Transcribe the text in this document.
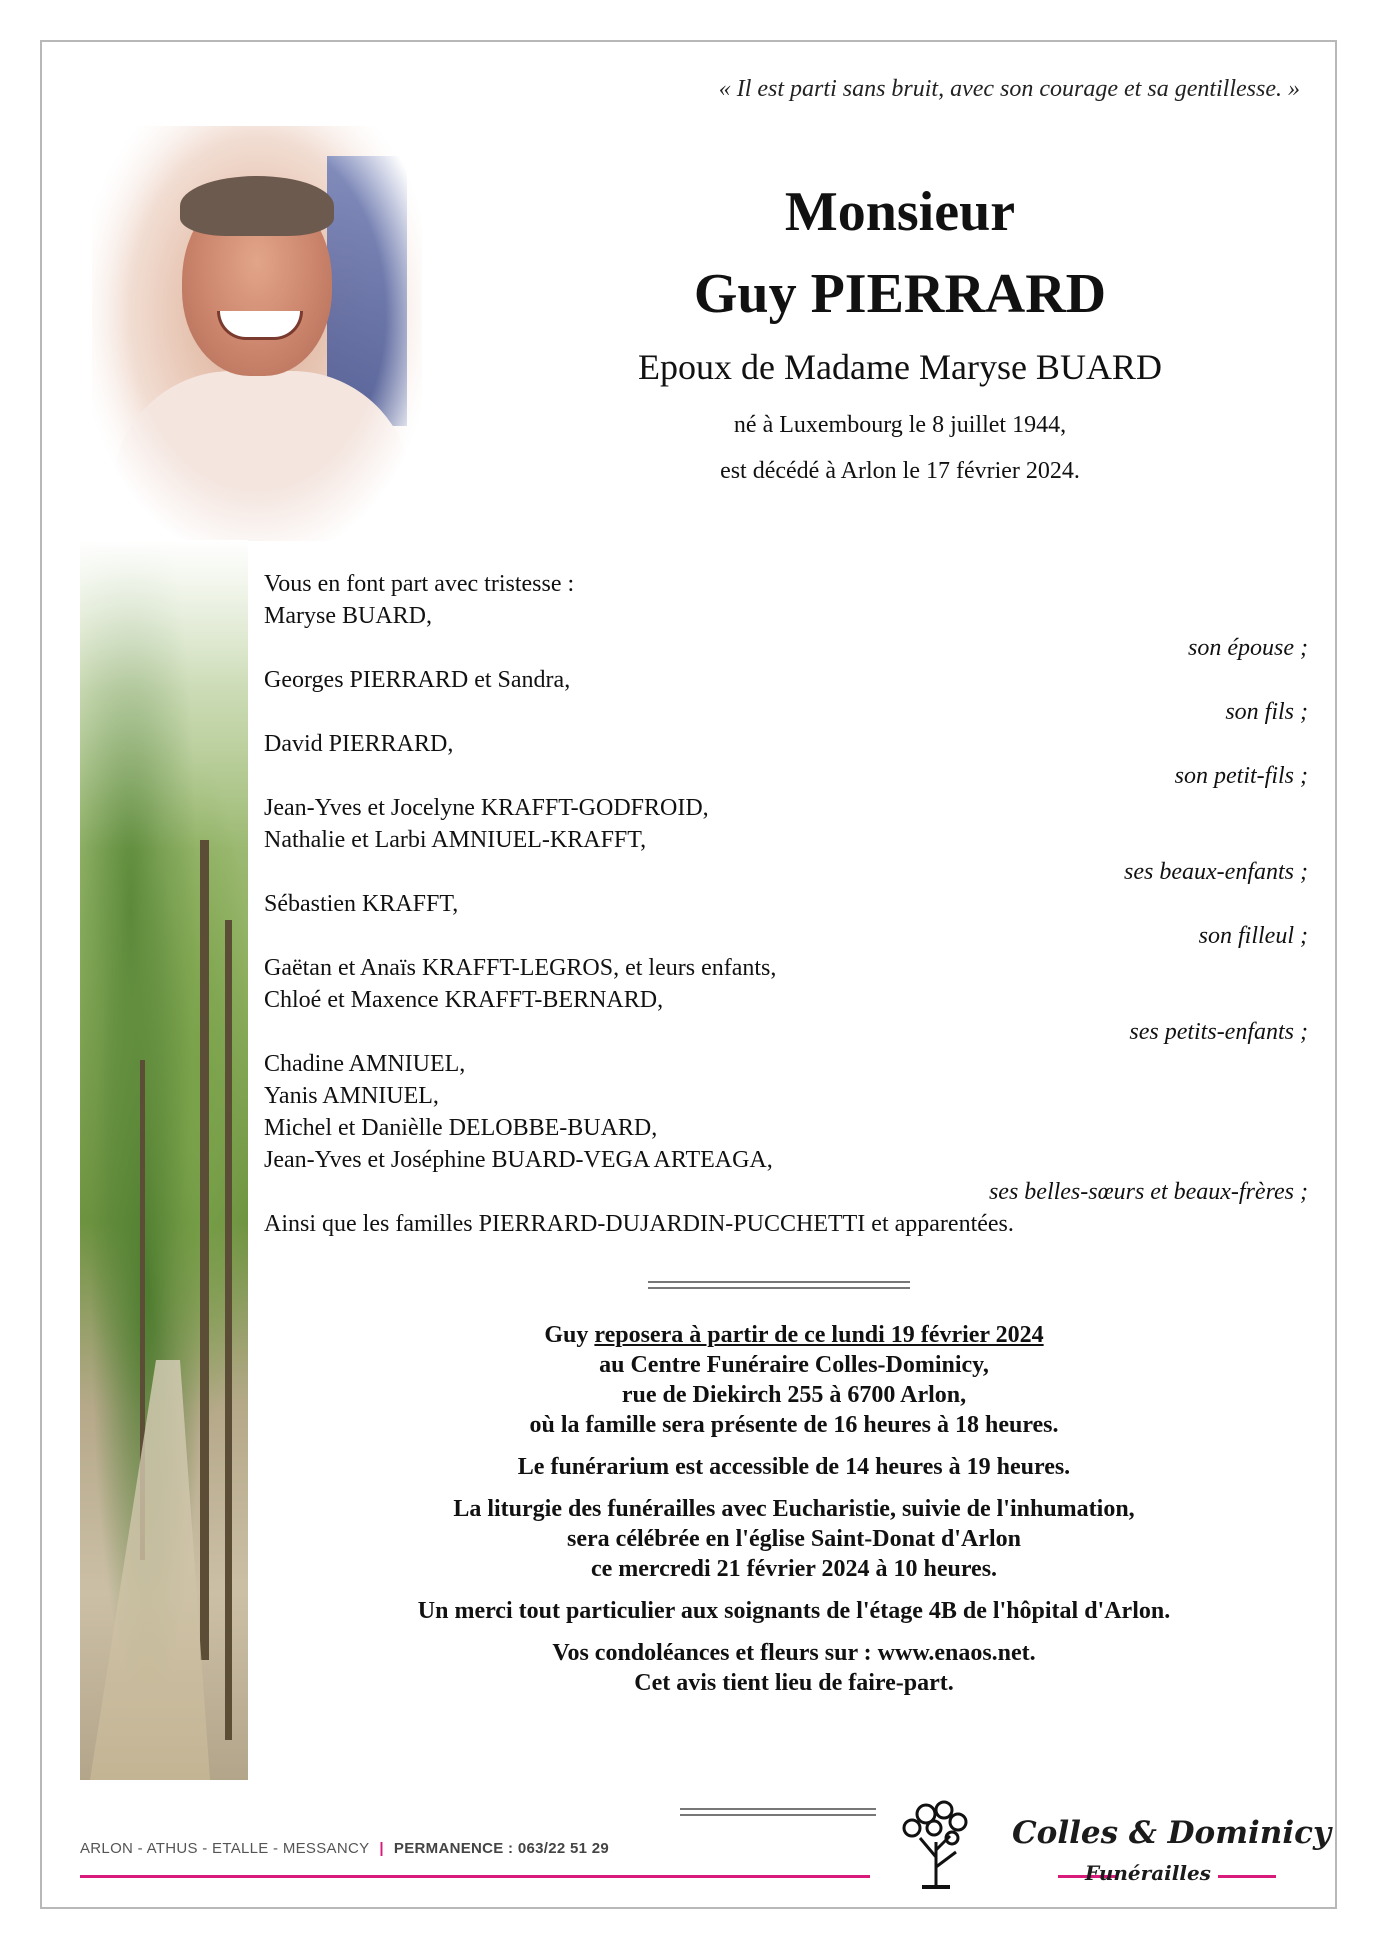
« Il est parti sans bruit, avec son courage et sa gentillesse. »
Monsieur
Guy PIERRARD
Epoux de Madame Maryse BUARD
né à Luxembourg le 8 juillet 1944,
est décédé à Arlon le 17 février 2024.
Vous en font part avec tristesse :
Maryse BUARD,
son épouse ;
Georges PIERRARD et Sandra,
son fils ;
David PIERRARD,
son petit-fils ;
Jean-Yves et Jocelyne KRAFFT-GODFROID,
Nathalie et Larbi AMNIUEL-KRAFFT,
ses beaux-enfants ;
Sébastien KRAFFT,
son filleul ;
Gaëtan et Anaïs KRAFFT-LEGROS, et leurs enfants,
Chloé et Maxence KRAFFT-BERNARD,
ses petits-enfants ;
Chadine AMNIUEL,
Yanis AMNIUEL,
Michel et Danièlle DELOBBE-BUARD,
Jean-Yves et Joséphine BUARD-VEGA ARTEAGA,
ses belles-sœurs et beaux-frères ;
Ainsi que les familles PIERRARD-DUJARDIN-PUCCHETTI et apparentées.
Guy reposera à partir de ce lundi 19 février 2024
au Centre Funéraire Colles-Dominicy,
rue de Diekirch 255 à 6700 Arlon,
où la famille sera présente de 16 heures à 18 heures.
Le funérarium est accessible de 14 heures à 19 heures.
La liturgie des funérailles avec Eucharistie, suivie de l'inhumation,
sera célébrée en l'église Saint-Donat d'Arlon
ce mercredi 21 février 2024 à 10 heures.
Un merci tout particulier aux soignants de l'étage 4B de l'hôpital d'Arlon.
Vos condoléances et fleurs sur : www.enaos.net.
Cet avis tient lieu de faire-part.
ARLON - ATHUS - ETALLE - MESSANCY | PERMANENCE : 063/22 51 29	Colles & Dominicy
Funérailles
